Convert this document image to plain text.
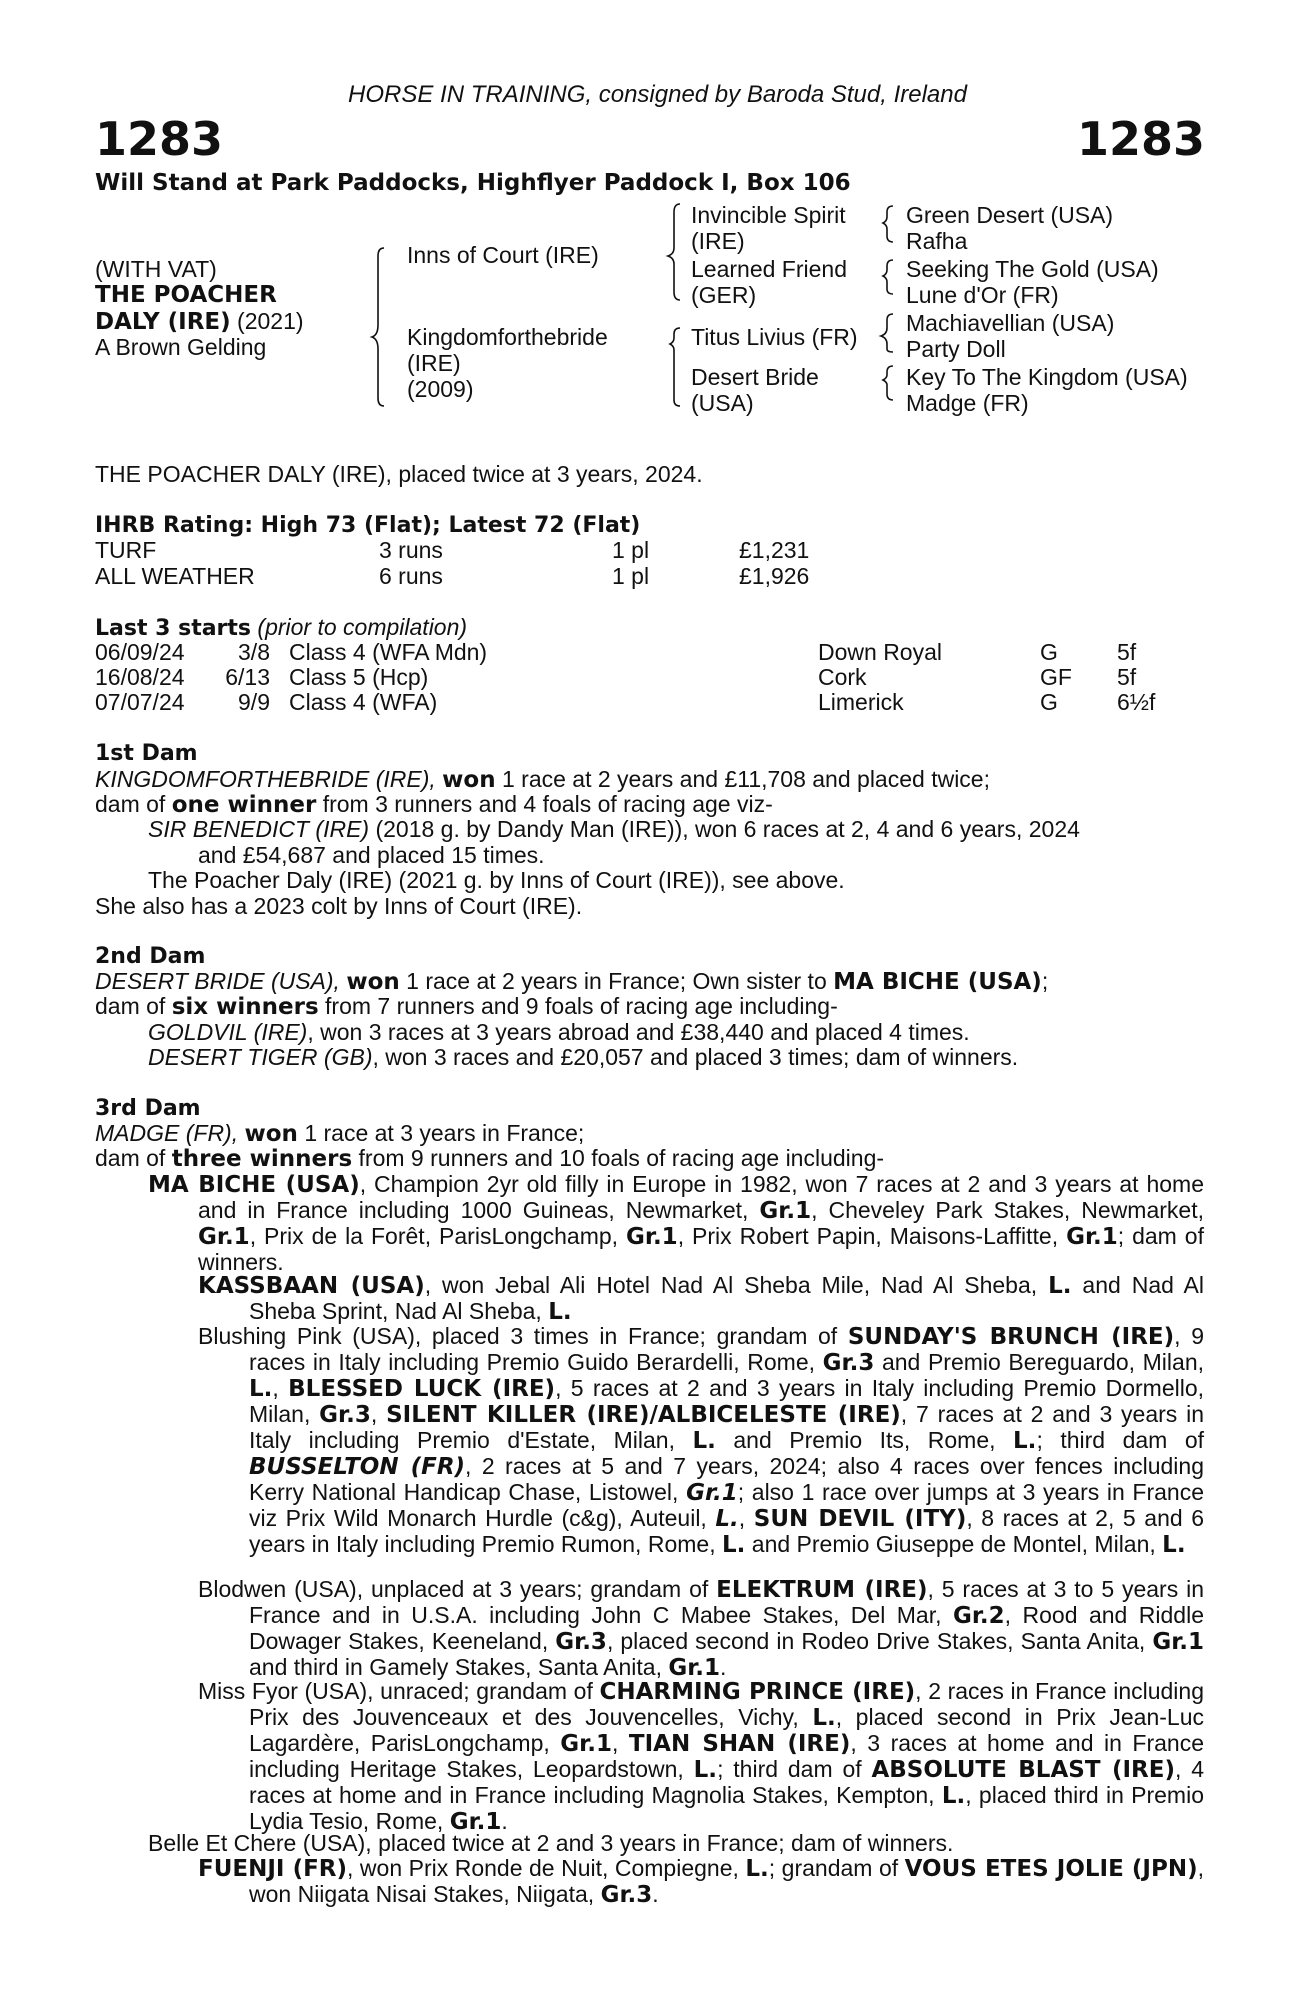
HORSE IN TRAINING, consigned by Baroda Stud, Ireland
1283	1283
Will Stand at Park Paddocks, Highflyer Paddock I, Box 106
(WITH VAT)
THE POACHER
DALY (IRE) (2021)
A Brown Gelding
Inns of Court (IRE)
Kingdomforthebride
(IRE)
(2009)
Invincible Spirit
(IRE)
Learned Friend
(GER)
Titus Livius (FR)
Desert Bride
(USA)
Green Desert (USA)
Rafha
Seeking The Gold (USA)
Lune d'Or (FR)
Machiavellian (USA)
Party Doll
Key To The Kingdom (USA)
Madge (FR)
THE POACHER DALY (IRE), placed twice at 3 years, 2024.
IHRB Rating: High 73 (Flat); Latest 72 (Flat)
TURF	3 runs	1 pl	£1,231
ALL WEATHER	6 runs	1 pl	£1,926
Last 3 starts (prior to compilation)
06/09/24	3/8 Class 4 (WFA Mdn)	Down Royal	G	5f
16/08/24	6/13 Class 5 (Hcp)	Cork	GF 5f
07/07/24	9/9 Class 4 (WFA)	Limerick	G	6½f
1st Dam
KINGDOMFORTHEBRIDE (IRE), won 1 race at 2 years and £11,708 and placed twice;
dam of one winner from 3 runners and 4 foals of racing age viz-
SIR BENEDICT (IRE) (2018 g. by Dandy Man (IRE)), won 6 races at 2, 4 and 6 years, 2024
and £54,687 and placed 15 times.
The Poacher Daly (IRE) (2021 g. by Inns of Court (IRE)), see above.
She also has a 2023 colt by Inns of Court (IRE).
2nd Dam
DESERT BRIDE (USA), won 1 race at 2 years in France; Own sister to MA BICHE (USA);
dam of six winners from 7 runners and 9 foals of racing age including-
GOLDVIL (IRE), won 3 races at 3 years abroad and £38,440 and placed 4 times.
DESERT TIGER (GB), won 3 races and £20,057 and placed 3 times; dam of winners.
3rd Dam
MADGE (FR), won 1 race at 3 years in France;
dam of three winners from 9 runners and 10 foals of racing age including-
MA BICHE (USA), Champion 2yr old filly in Europe in 1982, won 7 races at 2 and 3 years at home and in France including 1000 Guineas, Newmarket, Gr.1, Cheveley Park Stakes, Newmarket, Gr.1, Prix de la Forêt, ParisLongchamp, Gr.1, Prix Robert Papin, Maisons-Laffitte, Gr.1; dam of winners.
KASSBAAN (USA), won Jebal Ali Hotel Nad Al Sheba Mile, Nad Al Sheba, L. and Nad Al Sheba Sprint, Nad Al Sheba, L.
Blushing Pink (USA), placed 3 times in France; grandam of SUNDAY'S BRUNCH (IRE), 9 races in Italy including Premio Guido Berardelli, Rome, Gr.3 and Premio Bereguardo, Milan, L., BLESSED LUCK (IRE), 5 races at 2 and 3 years in Italy including Premio Dormello, Milan, Gr.3, SILENT KILLER (IRE)/ALBICELESTE (IRE), 7 races at 2 and 3 years in Italy including Premio d'Estate, Milan, L. and Premio Its, Rome, L.; third dam of BUSSELTON (FR), 2 races at 5 and 7 years, 2024; also 4 races over fences including Kerry National Handicap Chase, Listowel, Gr.1; also 1 race over jumps at 3 years in France viz Prix Wild Monarch Hurdle (c&g), Auteuil, L., SUN DEVIL (ITY), 8 races at 2, 5 and 6 years in Italy including Premio Rumon, Rome, L. and Premio Giuseppe de Montel, Milan, L.
Blodwen (USA), unplaced at 3 years; grandam of ELEKTRUM (IRE), 5 races at 3 to 5 years in France and in U.S.A. including John C Mabee Stakes, Del Mar, Gr.2, Rood and Riddle Dowager Stakes, Keeneland, Gr.3, placed second in Rodeo Drive Stakes, Santa Anita, Gr.1 and third in Gamely Stakes, Santa Anita, Gr.1.
Miss Fyor (USA), unraced; grandam of CHARMING PRINCE (IRE), 2 races in France including Prix des Jouvenceaux et des Jouvencelles, Vichy, L., placed second in Prix Jean-Luc Lagardère, ParisLongchamp, Gr.1, TIAN SHAN (IRE), 3 races at home and in France including Heritage Stakes, Leopardstown, L.; third dam of ABSOLUTE BLAST (IRE), 4 races at home and in France including Magnolia Stakes, Kempton, L., placed third in Premio Lydia Tesio, Rome, Gr.1.
Belle Et Chere (USA), placed twice at 2 and 3 years in France; dam of winners.
FUENJI (FR), won Prix Ronde de Nuit, Compiegne, L.; grandam of VOUS ETES JOLIE (JPN), won Niigata Nisai Stakes, Niigata, Gr.3.
